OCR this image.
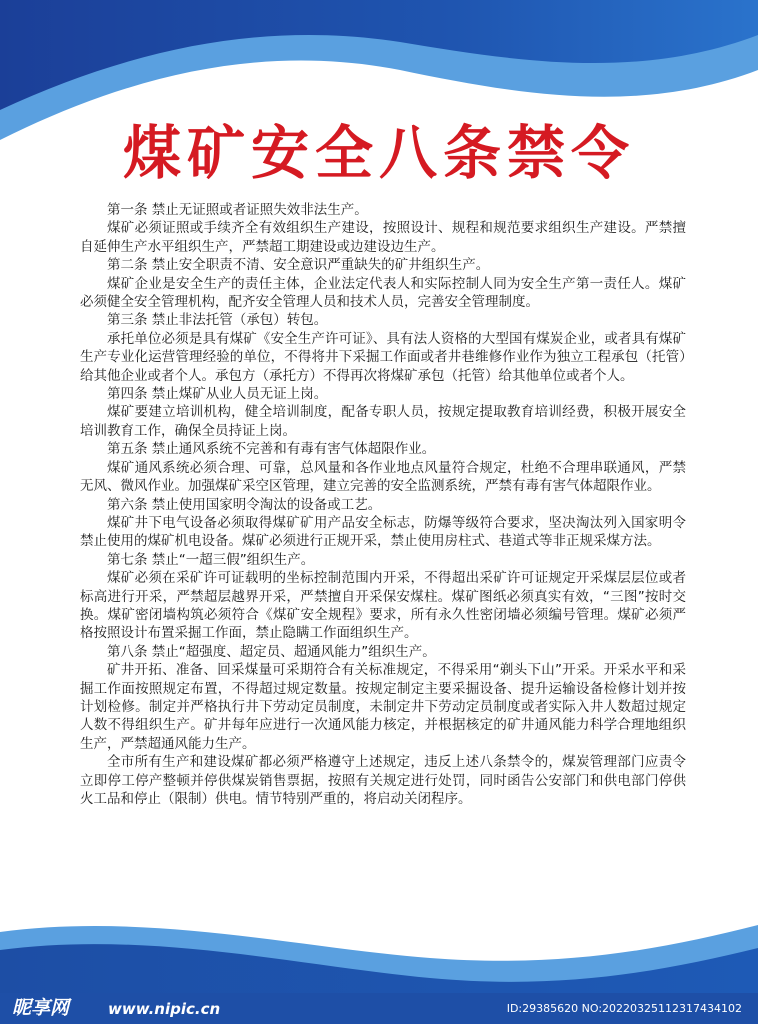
煤矿安全八条禁令

第一条 禁止无证照或者证照失效非法生产。

煤矿必须证照或手续齐全有效组织生产建设，按照设计、规程和规范要求组织生产建设。严禁擅自延伸生产水平组织生产，严禁超工期建设或边建设边生产。

第二条 禁止安全职责不清、安全意识严重缺失的矿井组织生产。

煤矿企业是安全生产的责任主体，企业法定代表人和实际控制人同为安全生产第一责任人。煤矿必须健全安全管理机构，配齐安全管理人员和技术人员，完善安全管理制度。

第三条 禁止非法托管（承包）转包。

承托单位必须是具有煤矿《安全生产许可证》、具有法人资格的大型国有煤炭企业，或者具有煤矿生产专业化运营管理经验的单位，不得将井下采掘工作面或者井巷维修作业作为独立工程承包（托管）给其他企业或者个人。承包方（承托方）不得再次将煤矿承包（托管）给其他单位或者个人。

第四条 禁止煤矿从业人员无证上岗。

煤矿要建立培训机构，健全培训制度，配备专职人员，按规定提取教育培训经费，积极开展安全培训教育工作，确保全员持证上岗。

第五条 禁止通风系统不完善和有毒有害气体超限作业。

煤矿通风系统必须合理、可靠，总风量和各作业地点风量符合规定，杜绝不合理串联通风，严禁无风、微风作业。加强煤矿采空区管理，建立完善的安全监测系统，严禁有毒有害气体超限作业。

第六条 禁止使用国家明令淘汰的设备或工艺。

煤矿井下电气设备必须取得煤矿矿用产品安全标志，防爆等级符合要求，坚决淘汰列入国家明令禁止使用的煤矿机电设备。煤矿必须进行正规开采，禁止使用房柱式、巷道式等非正规采煤方法。

第七条 禁止“一超三假”组织生产。

煤矿必须在采矿许可证载明的坐标控制范围内开采，不得超出采矿许可证规定开采煤层层位或者标高进行开采，严禁超层越界开采，严禁擅自开采保安煤柱。煤矿图纸必须真实有效，“三图”按时交换。煤矿密闭墙构筑必须符合《煤矿安全规程》要求，所有永久性密闭墙必须编号管理。煤矿必须严格按照设计布置采掘工作面，禁止隐瞒工作面组织生产。

第八条 禁止“超强度、超定员、超通风能力”组织生产。

矿井开拓、准备、回采煤量可采期符合有关标准规定，不得采用“剃头下山”开采。开采水平和采掘工作面按照规定布置，不得超过规定数量。按规定制定主要采掘设备、提升运输设备检修计划并按计划检修。制定并严格执行井下劳动定员制度，未制定井下劳动定员制度或者实际入井人数超过规定人数不得组织生产。矿井每年应进行一次通风能力核定，并根据核定的矿井通风能力科学合理地组织生产，严禁超通风能力生产。

全市所有生产和建设煤矿都必须严格遵守上述规定，违反上述八条禁令的，煤炭管理部门应责令立即停工停产整顿并停供煤炭销售票据，按照有关规定进行处罚，同时函告公安部门和供电部门停供火工品和停止（限制）供电。情节特别严重的，将启动关闭程序。

昵享网	www.nipic.cn	ID:29385620 NO:20220325112317434102
